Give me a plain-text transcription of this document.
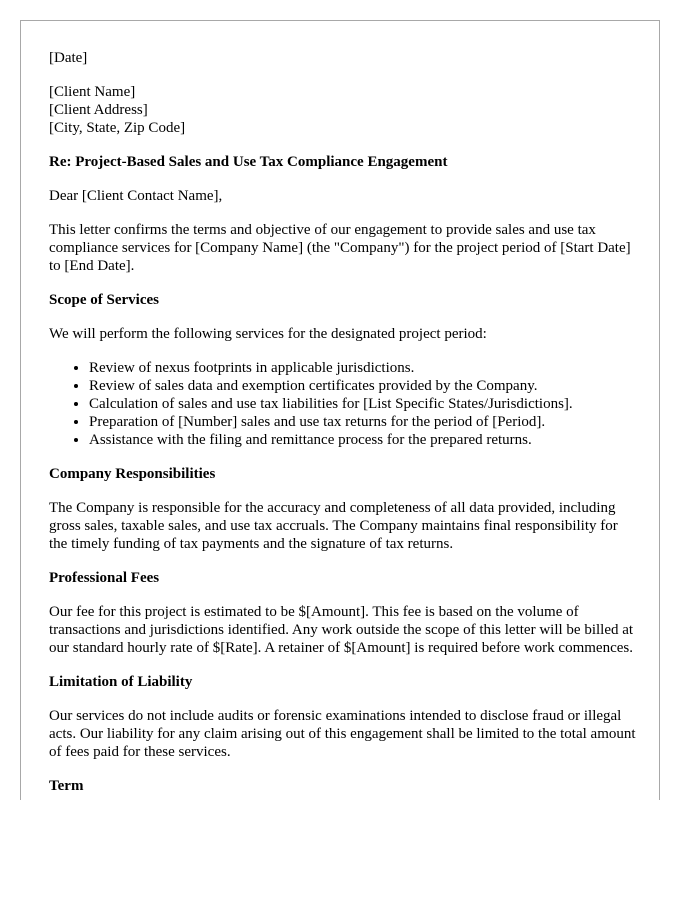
[Date]

[Client Name]
[Client Address]
[City, State, Zip Code]

Re: Project-Based Sales and Use Tax Compliance Engagement

Dear [Client Contact Name],

This letter confirms the terms and objective of our engagement to provide sales and use tax compliance services for [Company Name] (the "Company") for the project period of [Start Date] to [End Date].

Scope of Services

We will perform the following services for the designated project period:

• Review of nexus footprints in applicable jurisdictions.
• Review of sales data and exemption certificates provided by the Company.
• Calculation of sales and use tax liabilities for [List Specific States/Jurisdictions].
• Preparation of [Number] sales and use tax returns for the period of [Period].
• Assistance with the filing and remittance process for the prepared returns.

Company Responsibilities

The Company is responsible for the accuracy and completeness of all data provided, including gross sales, taxable sales, and use tax accruals. The Company maintains final responsibility for the timely funding of tax payments and the signature of tax returns.

Professional Fees

Our fee for this project is estimated to be $[Amount]. This fee is based on the volume of transactions and jurisdictions identified. Any work outside the scope of this letter will be billed at our standard hourly rate of $[Rate]. A retainer of $[Amount] is required before work commences.

Limitation of Liability

Our services do not include audits or forensic examinations intended to disclose fraud or illegal acts. Our liability for any claim arising out of this engagement shall be limited to the total amount of fees paid for these services.

Term
